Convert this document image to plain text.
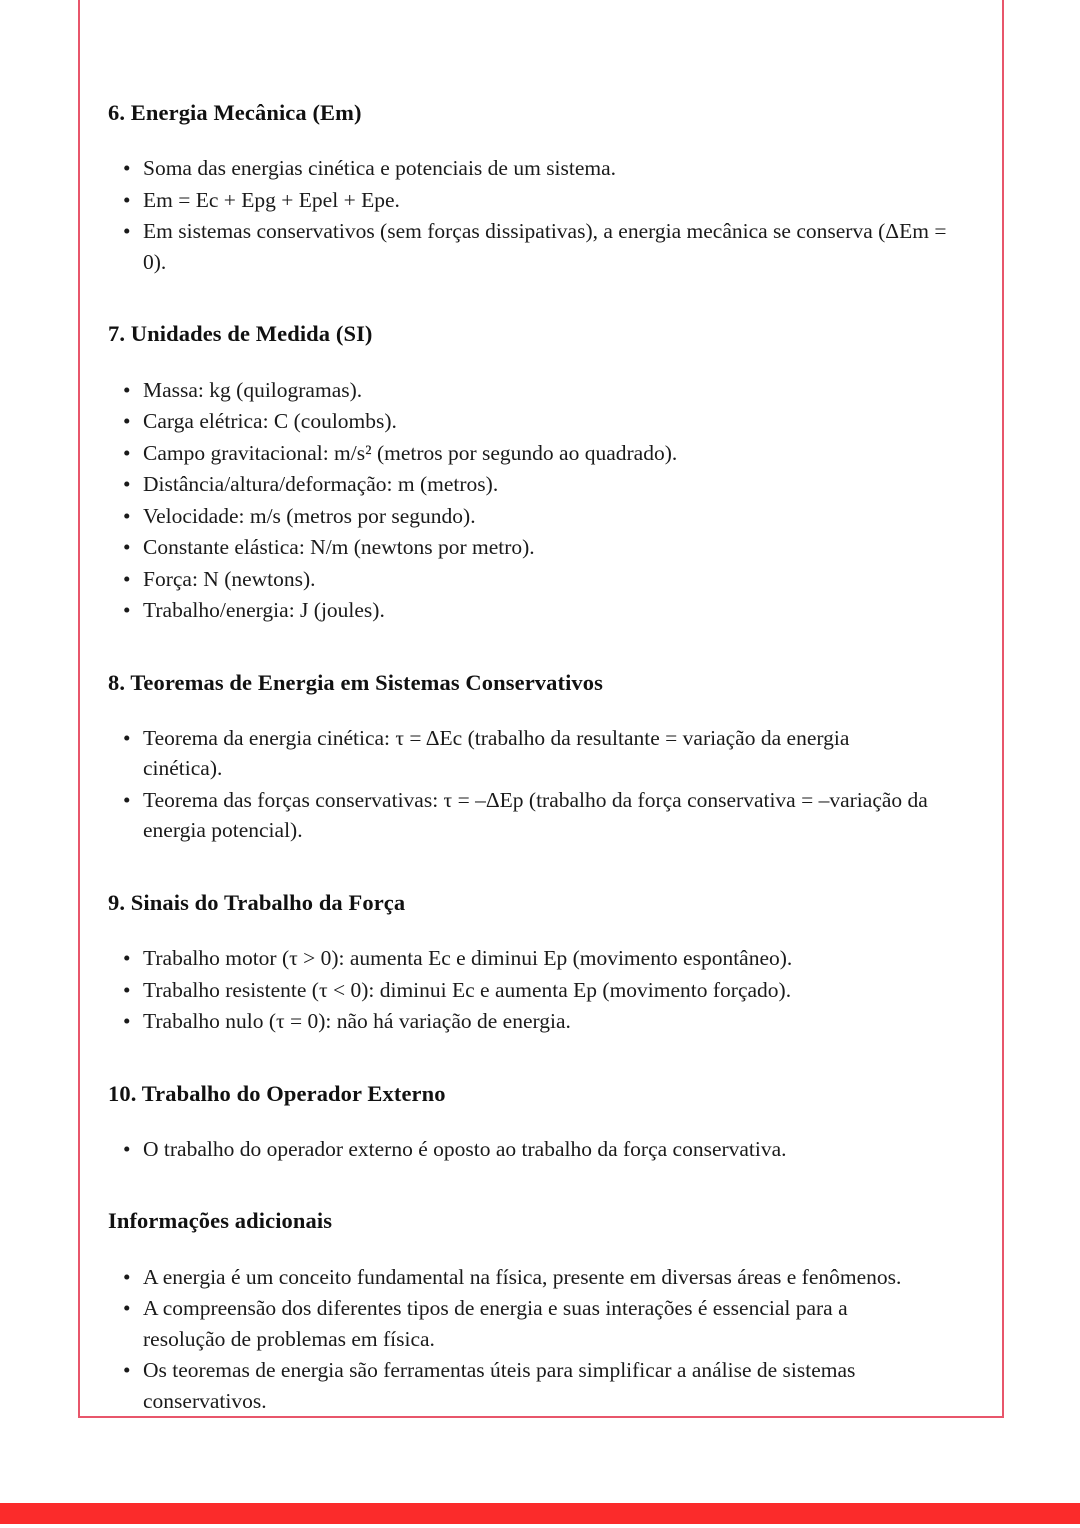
6. Energia Mecânica (Em)
• Soma das energias cinética e potenciais de um sistema.
• Em = Ec + Epg + Epel + Epe.
• Em sistemas conservativos (sem forças dissipativas), a energia mecânica se conserva (ΔEm = 0).
7. Unidades de Medida (SI)
• Massa: kg (quilogramas).
• Carga elétrica: C (coulombs).
• Campo gravitacional: m/s² (metros por segundo ao quadrado).
• Distância/altura/deformação: m (metros).
• Velocidade: m/s (metros por segundo).
• Constante elástica: N/m (newtons por metro).
• Força: N (newtons).
• Trabalho/energia: J (joules).
8. Teoremas de Energia em Sistemas Conservativos
• Teorema da energia cinética: τ = ΔEc (trabalho da resultante = variação da energia cinética).
• Teorema das forças conservativas: τ = –ΔEp (trabalho da força conservativa = –variação da energia potencial).
9. Sinais do Trabalho da Força
• Trabalho motor (τ > 0): aumenta Ec e diminui Ep (movimento espontâneo).
• Trabalho resistente (τ < 0): diminui Ec e aumenta Ep (movimento forçado).
• Trabalho nulo (τ = 0): não há variação de energia.
10. Trabalho do Operador Externo
• O trabalho do operador externo é oposto ao trabalho da força conservativa.
Informações adicionais
• A energia é um conceito fundamental na física, presente em diversas áreas e fenômenos.
• A compreensão dos diferentes tipos de energia e suas interações é essencial para a resolução de problemas em física.
• Os teoremas de energia são ferramentas úteis para simplificar a análise de sistemas conservativos.
